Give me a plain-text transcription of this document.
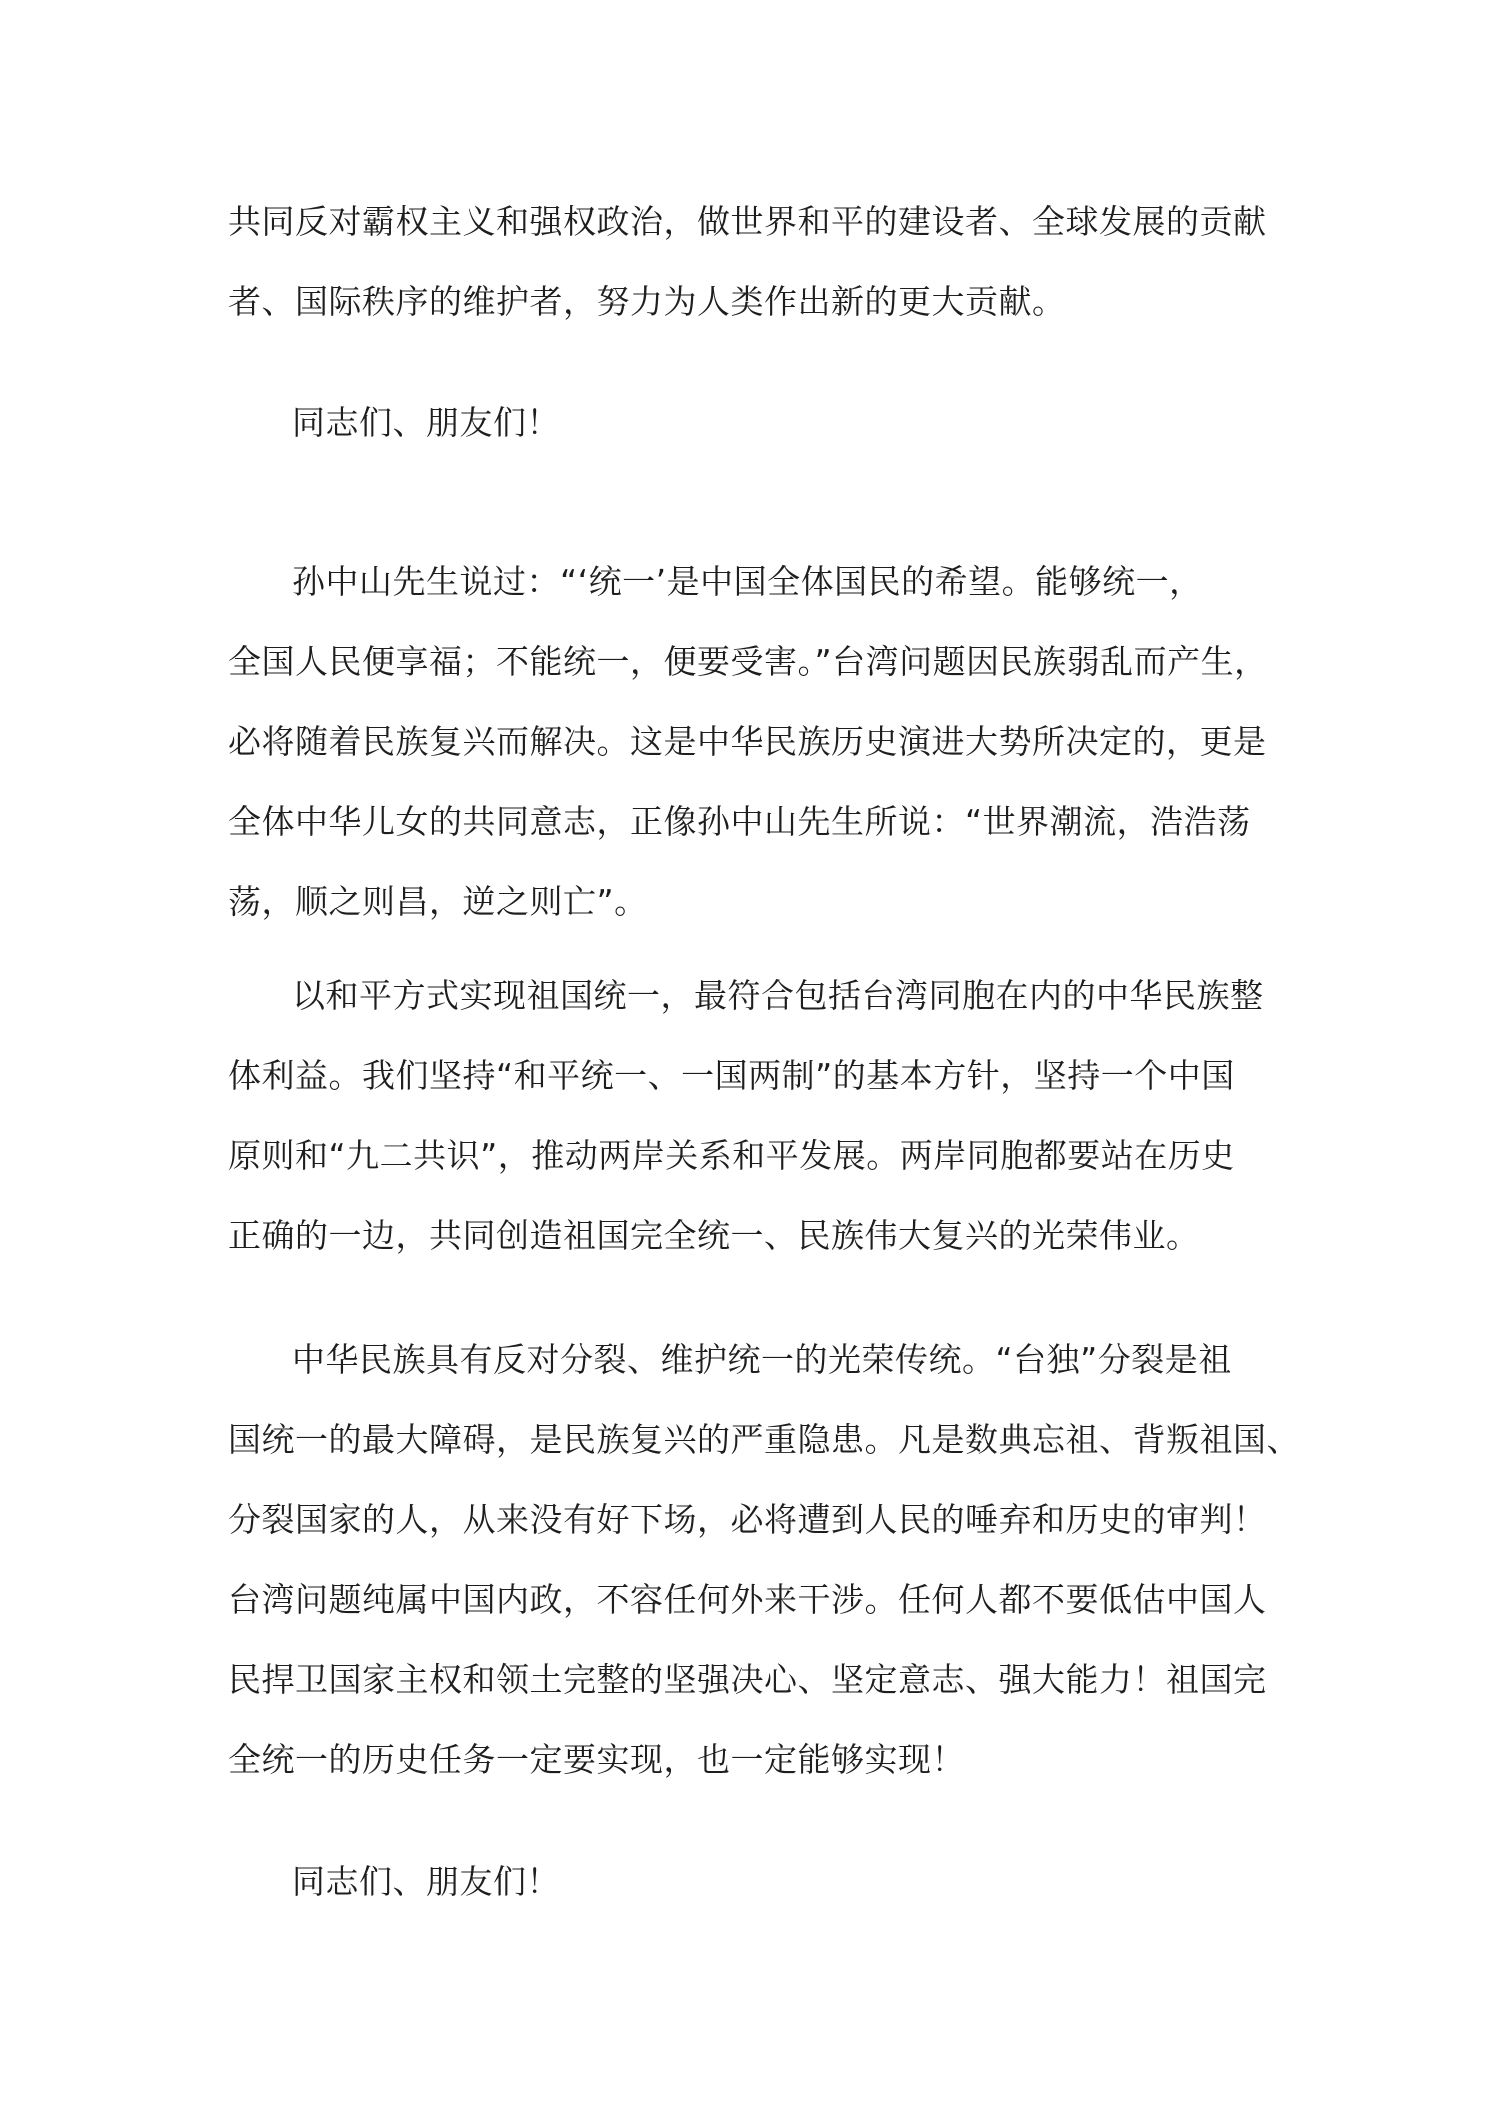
共同反对霸权主义和强权政治，做世界和平的建设者、全球发展的贡献
者、国际秩序的维护者，努力为人类作出新的更大贡献。
同志们、朋友们！
孙中山先生说过：“‘统一’是中国全体国民的希望。能够统一，
全国人民便享福；不能统一，便要受害。”台湾问题因民族弱乱而产生，
必将随着民族复兴而解决。这是中华民族历史演进大势所决定的，更是
全体中华儿女的共同意志，正像孙中山先生所说：“世界潮流，浩浩荡
荡，顺之则昌，逆之则亡”。
以和平方式实现祖国统一，最符合包括台湾同胞在内的中华民族整
体利益。我们坚持“和平统一、一国两制”的基本方针，坚持一个中国
原则和“九二共识”，推动两岸关系和平发展。两岸同胞都要站在历史
正确的一边，共同创造祖国完全统一、民族伟大复兴的光荣伟业。
中华民族具有反对分裂、维护统一的光荣传统。“台独”分裂是祖
国统一的最大障碍，是民族复兴的严重隐患。凡是数典忘祖、背叛祖国、
分裂国家的人，从来没有好下场，必将遭到人民的唾弃和历史的审判！
台湾问题纯属中国内政，不容任何外来干涉。任何人都不要低估中国人
民捍卫国家主权和领土完整的坚强决心、坚定意志、强大能力！祖国完
全统一的历史任务一定要实现，也一定能够实现！
同志们、朋友们！
